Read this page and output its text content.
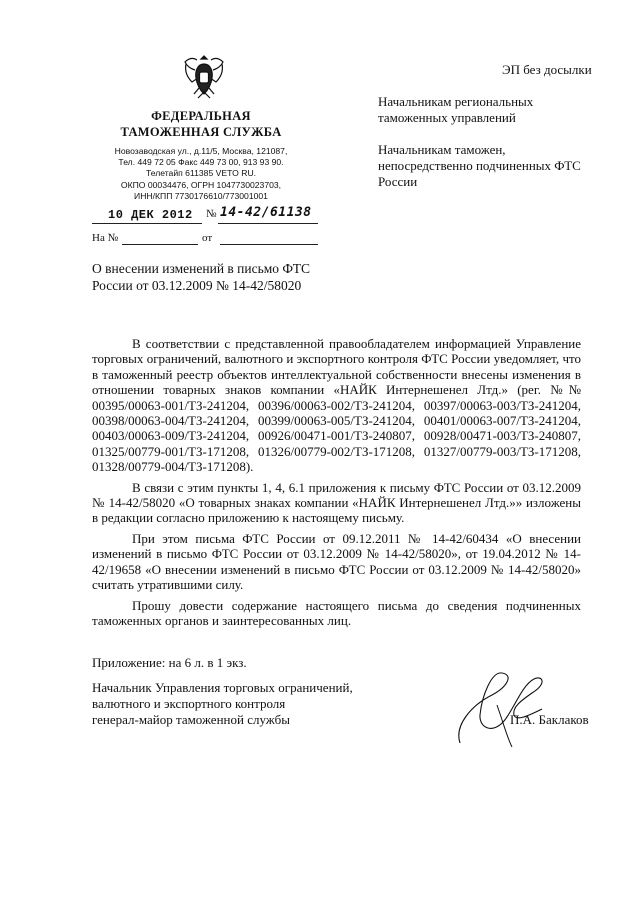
ФЕДЕРАЛЬНАЯ
ТАМОЖЕННАЯ СЛУЖБА
Новозаводская ул., д.11/5, Москва, 121087,
Тел. 449 72 05 Факс 449 73 00, 913 93 90.
Телетайп 611385 VETO RU.
ОКПО 00034476, ОГРН 1047730023703,
ИНН/КПП 7730176610/773001001
10 ДЕК 2012 № 14-42/61138
На №	от
О внесении изменений в письмо ФТС России от 03.12.2009 № 14-42/58020
ЭП без досылки

Начальникам региональных таможенных управлений

Начальникам таможен, непосредственно подчиненных ФТС России

В соответствии с представленной правообладателем информацией Управление торговых ограничений, валютного и экспортного контроля ФТС России уведомляет, что в таможенный реестр объектов интеллектуальной собственности внесены изменения в отношении товарных знаков компании «НАЙК Интернешенел Лтд.» (рег. №№ 00395/00063-001/ТЗ-241204, 00396/00063-002/ТЗ-241204, 00397/00063-003/ТЗ-241204, 00398/00063-004/ТЗ-241204, 00399/00063-005/ТЗ-241204, 00401/00063-007/ТЗ-241204, 00403/00063-009/ТЗ-241204, 00926/00471-001/ТЗ-240807, 00928/00471-003/ТЗ-240807, 01325/00779-001/ТЗ-171208, 01326/00779-002/ТЗ-171208, 01327/00779-003/ТЗ-171208, 01328/00779-004/ТЗ-171208).

В связи с этим пункты 1, 4, 6.1 приложения к письму ФТС России от 03.12.2009 № 14-42/58020 «О товарных знаках компании «НАЙК Интернешенел Лтд.»» изложены в редакции согласно приложению к настоящему письму.

При этом письма ФТС России от 09.12.2011 № 14-42/60434 «О внесении изменений в письмо ФТС России от 03.12.2009 № 14-42/58020», от 19.04.2012 № 14-42/19658 «О внесении изменений в письмо ФТС России от 03.12.2009 № 14-42/58020» считать утратившими силу.

Прошу довести содержание настоящего письма до сведения подчиненных таможенных органов и заинтересованных лиц.

Приложение: на 6 л. в 1 экз.
Начальник Управления торговых ограничений,
валютного и экспортного контроля
генерал-майор таможенной службы	П.А. Баклаков
